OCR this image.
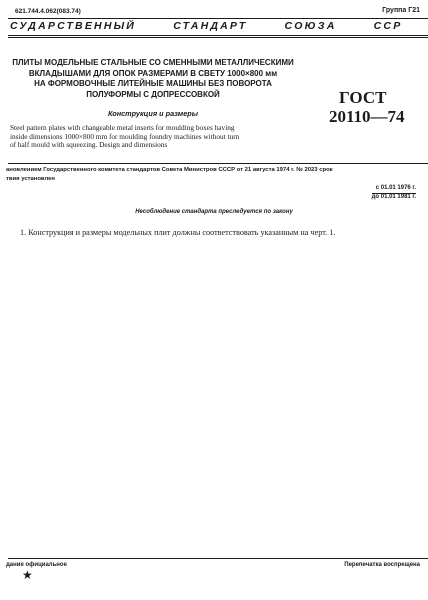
621.744.4.062(083.74)	Группа Г21
СУДАРСТВЕННЫЙ	СТАНДАРТ	СОЮЗА	ССР
ПЛИТЫ МОДЕЛЬНЫЕ СТАЛЬНЫЕ СО СМЕННЫМИ МЕТАЛЛИЧЕСКИМИ
ВКЛАДЫШАМИ ДЛЯ ОПОК РАЗМЕРАМИ В СВЕТУ 1000×800 мм
НА ФОРМОВОЧНЫЕ ЛИТЕЙНЫЕ МАШИНЫ БЕЗ ПОВОРОТА
ПОЛУФОРМЫ С ДОПРЕССОВКОЙ	ГОСТ
20110—74
Конструкция и размеры
Steel pattern plates with changeable metal inserts for moulding boxes having
inside dimensions 1000×800 mm for moulding foundry machines without turn
of half mould with squeezing. Design and dimensions
ановлением Государственного комитета стандартов Совета Министров СССР от 21 августа 1974 г. № 2023 срок
твия установлен
с 01.01 1976 г.
до 01.01 1981 г.
Несоблюдение стандарта преследуется по закону
1. Конструкция и размеры модельных плит должны соответствовать указанным на черт. 1.
дание официальное	Перепечатка воспрещена
★
